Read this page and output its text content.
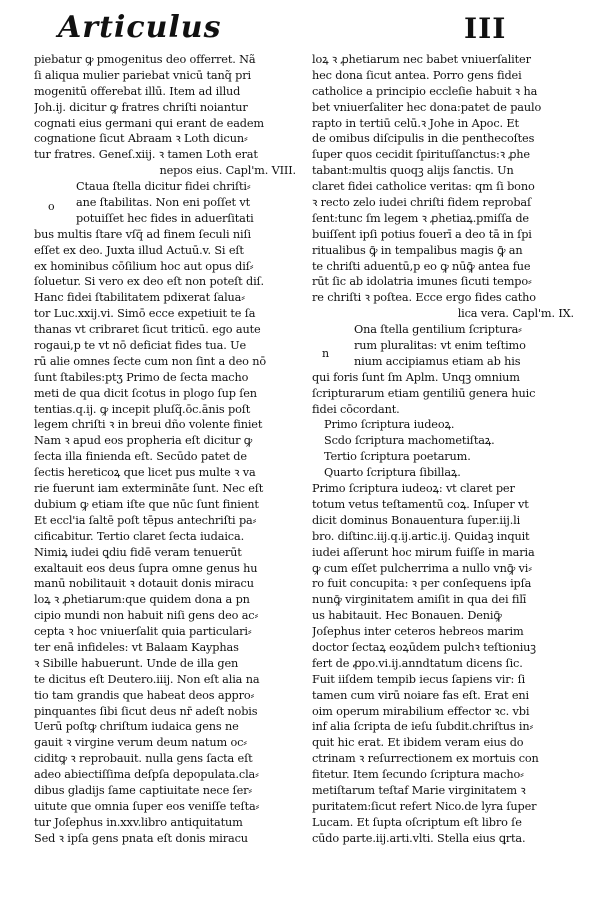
Articulus	III
piebatur ꝙ pmogenitus deo offerret. Nã
ſi aliqua mulier pariebat vnicū tanq̃ pri
mogenitū offerebat illū. Item ad illud
Joh.ij. dicitur ꝙ fratres chriſti noiantur
cognati eius germani qui erant de eadem
cognatione ſicut Abraam ꝛ Loth dicun⸗
tur fratres. Geneſ.xiij. ꝛ tamen Loth erat
nepos eius. Capl'm. VIII.
Ctaua ſtella dicitur fidei chriſti⸗
ane ſtabilitas. Non eni poſſet vt
potuiſſet hec fides in aduerſitati
bus multis ſtare vſq̄ ad finem ſeculi niſi
eſſet ex deo. Juxta illud Actuū.v. Si eſt
ex hominibus cōſilium hoc aut opus diſ⸗
ſoluetur. Si vero ex deo eſt non poteſt diſ.
Hanc fidei ſtabilitatem pdixerat ſalua⸗
tor Luc.xxij.vi. Simō ecce expetiuit te ſa
thanas vt cribraret ſicut triticū. ego aute
rogaui,p te vt nō deficiat fides tua. Ue
rū alie omnes ſecte cum non ſint a deo nō
ſunt ſtabiles:ptʒ Primo de ſecta macho
meti de qua dicit ſcotus in plogo ſup ſen
tentias.q.ij. ꝙ incepit pluſq̃.ōc.ānis poſt
legem chriſti ꝛ in breui dño volente finiet
Nam ꝛ apud eos propheria eſt dicitur ꝙ
ſecta illa finienda eſt. Secūdo patet de
ſectis hereticoꝝ que licet pus multe ꝛ va
rie fuerunt iam extermināte ſunt. Nec eſt
dubium ꝙ etiam iſte que nūc ſunt finient
Et eccl'ia ſaltē poſt tēpus antechriſti pa⸗
cificabitur. Tertio claret ſecta iudaica.
Nimiꝝ iudei ꝗdiu fidē veram tenuerūt
exaltauit eos deus ſupra omne genus hu
manū nobilitauit ꝛ dotauit donis miracu
loꝝ ꝛ ꝓhetiarum:que quidem dona a pn
cipio mundi non habuit niſi gens deo ac⸗
cepta ꝛ hoc vniuerſalit quia particulari⸗
ter enā infideles: vt Balaam Kayphas
ꝛ Sibille habuerunt. Unde de illa gen
te dicitus eſt Deutero.iiij. Non eſt alia na
tio tam grandis que habeat deos appro⸗
pinquantes ſibi ſicut deus nr̄ adeſt nobis
Uerū poſtꝙ chriſtum iudaica gens ne
gauit ꝛ virgine verum deum natum oc⸗
ciditꝙ ꝛ reprobauit. nulla gens ſacta eſt
adeo abiectiſſima deſpſa depopulata.cla⸗
dibus gladijs ſame captiuitate nece ſer⸗
uitute que omnia ſuper eos veniſſe teſta⸗
tur Joſephus in.xxv.libro antiquitatum
Sed ꝛ ipſa gens pnata eſt donis miracu
loꝝ ꝛ ꝓhetiarum nec babet vniuerſaliter
hec dona ſicut antea. Porro gens fidei
catholice a principio eccleſie habuit ꝛ ha
bet vniuerſaliter hec dona:patet de paulo
rapto in tertiū celū.ꝛ Johe in Apoc. Et
de omibus diſcipulis in die penthecoſtes
ſuper quos cecidit ſpirituſſanctus:ꝛ ꝓhe
tabant:multis quoqꝫ alijs ſanctis. Un
claret fidei catholice veritas: qm ſi bono
ꝛ recto zelo iudei chriſti fidem reprobaſ
ſent:tunc ſm legem ꝛ ꝓhetiaꝝ.pmiſſa de
buiſſent ipſi potius fouerī a deo tā in ſpi
ritualibus ꝙ̄ in tempalibus magis ꝙ̄ an
te chriſti aduentū,p eo ꝙ nūꝙ̄ antea fue
rūt ſic ab idolatria imunes ſicuti tempo⸗
re chriſti ꝛ poſtea. Ecce ergo fides catho
lica vera. Capl'm. IX.
Ona ſtella gentilium ſcriptura⸗
rum pluralitas: vt enim teſtimo
nium accipiamus etiam ab his
qui foris ſunt ſm Aplm. Unqꝫ omnium
ſcripturarum etiam gentiliū genera huic
fidei cōcordant.
Primo ſcriptura iudeoꝝ.
Scdo ſcriptura machometiſtaꝝ.
Tertio ſcriptura poetarum.
Quarto ſcriptura ſibillaꝝ.
Primo ſcriptura iudeoꝝ: vt claret per
totum vetus teſtamentū coꝝ. Inſuper vt
dicit dominus Bonauentura ſuper.iij.li
bro. diſtinc.iij.q.ij.artic.ij. Quidaꝫ inquit
iudei aſſerunt hoc mirum fuiſſe in maria
ꝙ cum eſſet pulcherrima a nullo vnꝙ̄ vi⸗
ro fuit concupita: ꝛ per conſequens ipſa
nunꝙ̄ virginitatem amiſit in qua dei filī
us habitauit. Hec Bonauen. Deniꝙ̄
Joſephus inter ceteros hebreos marim
doctor ſectaꝝ eoꝝūdem pulchꝛ teſtioniuꝫ
fert de ꝓpo.vi.ij.anndtatum dicens ſic.
Fuit iiſdem tempib iecus ſapiens vir: ſi
tamen cum virū noiare fas eſt. Erat eni
oim operum mirabilium effector ꝛc. vbi
inf alia ſcripta de ieſu ſubdit.chriſtus in⸗
quit hic erat. Et ibidem veram eius do
ctrinam ꝛ reſurrectionem ex mortuis con
fitetur. Item ſecundo ſcriptura macho⸗
metiſtarum teſtaf Marie virginitatem ꝛ
puritatem:ſicut refert Nico.de lyra ſuper
Lucam. Et ſupta oſcriptum eſt libro ſe
cūdo parte.iij.arti.vlti. Stella eius ꝗrta.
o
n
